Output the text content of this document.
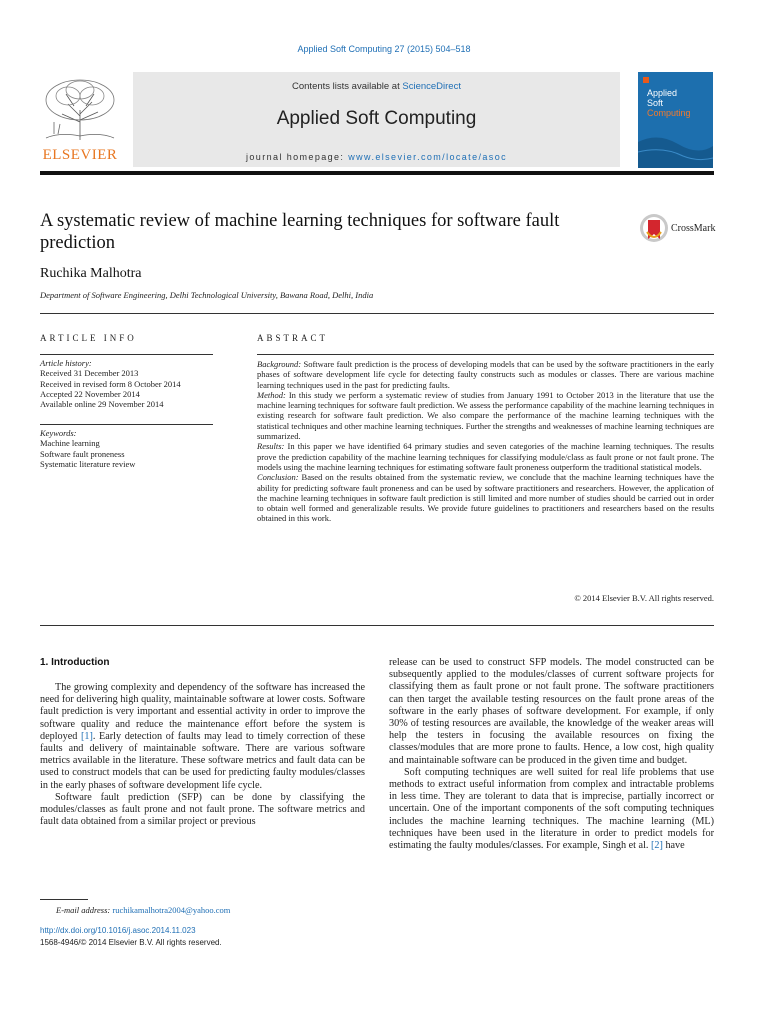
Applied Soft Computing 27 (2015) 504–518
ELSEVIER
Contents lists available at ScienceDirect
Applied Soft Computing
journal homepage: www.elsevier.com/locate/asoc
Applied
Soft
Computing
A systematic review of machine learning techniques for software fault prediction
CrossMark
Ruchika Malhotra
Department of Software Engineering, Delhi Technological University, Bawana Road, Delhi, India
ARTICLE INFO	ABSTRACT
Article history:
Received 31 December 2013
Received in revised form 8 October 2014
Accepted 22 November 2014
Available online 29 November 2014
Keywords:
Machine learning
Software fault proneness
Systematic literature review
Background: Software fault prediction is the process of developing models that can be used by the software practitioners in the early phases of software development life cycle for detecting faulty constructs such as modules or classes. There are various machine learning techniques used in the past for predicting faults.
Method: In this study we perform a systematic review of studies from January 1991 to October 2013 in the literature that use the machine learning techniques for software fault prediction. We assess the performance capability of the machine learning techniques in existing research for software fault prediction. We also compare the performance of the machine learning techniques with the statistical techniques and other machine learning techniques. Further the strengths and weaknesses of machine learning techniques are summarized.
Results: In this paper we have identified 64 primary studies and seven categories of the machine learning techniques. The results prove the prediction capability of the machine learning techniques for classifying module/class as fault prone or not fault prone. The models using the machine learning techniques for estimating software fault proneness outperform the traditional statistical models.
Conclusion: Based on the results obtained from the systematic review, we conclude that the machine learning techniques have the ability for predicting software fault proneness and can be used by software practitioners and researchers. However, the application of the machine learning techniques in software fault prediction is still limited and more number of studies should be carried out in order to obtain well formed and generalizable results. We provide future guidelines to practitioners and researchers based on the results obtained in this work.
© 2014 Elsevier B.V. All rights reserved.
1. Introduction

The growing complexity and dependency of the software has increased the need for delivering high quality, maintainable software at lower costs. Software fault prediction is very important and essential activity in order to improve the software quality and reduce the maintenance effort before the system is deployed [1]. Early detection of faults may lead to timely correction of these faults and delivery of maintainable software. There are various software metrics available in the literature. These software metrics and fault data can be used to construct models that can be used for predicting faulty modules/classes in the early phases of software development life cycle.

Software fault prediction (SFP) can be done by classifying the modules/classes as fault prone and not fault prone. The software metrics and fault data obtained from a similar project or previous

release can be used to construct SFP models. The model constructed can be subsequently applied to the modules/classes of current software projects for classifying them as fault prone or not fault prone. The software practitioners can then target the available testing resources on the fault prone areas of the software in the early phases of software development. For example, if only 30% of testing resources are available, the knowledge of the weaker areas will help the testers in focusing the available resources on fixing the classes/modules that are more prone to faults. Hence, a low cost, high quality and maintainable software can be produced in the given time and budget.

Soft computing techniques are well suited for real life problems that use methods to extract useful information from complex and intractable problems in less time. They are tolerant to data that is imprecise, partially incorrect or uncertain. One of the important components of the soft computing techniques includes the machine learning techniques. The machine learning (ML) techniques have been used in the literature in order to predict models for estimating the faulty modules/classes. For example, Singh et al. [2] have

E-mail address: ruchikamalhotra2004@yahoo.com
http://dx.doi.org/10.1016/j.asoc.2014.11.023
1568-4946/© 2014 Elsevier B.V. All rights reserved.
